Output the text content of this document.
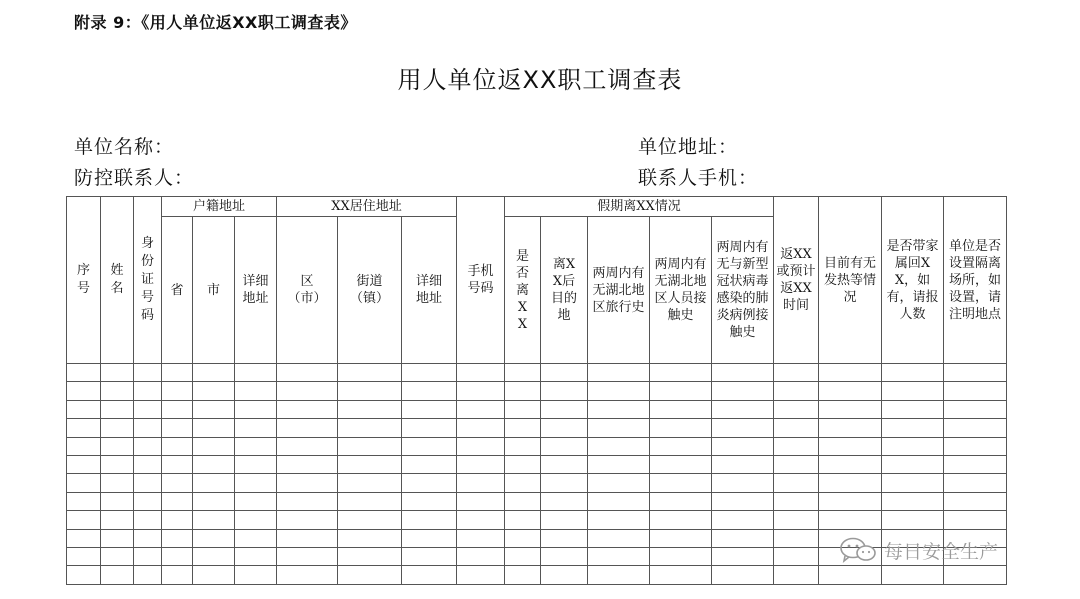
附录 9：《用人单位返XX职工调查表》
用人单位返XX职工调查表
单位名称：
防控联系人：
单位地址：
联系人手机：
序号	姓名	身份证号码	户籍地址			XX居住地址			手机号码	假期离XX情况					返XX或预计返XX时间	目前有无发热等情况	是否带家属回XX，如有，请报人数	单位是否设置隔离场所，如设置，请注明地点

			省	市	详细地址	区（市）	街道（镇）	详细地址		是否离XX	离XX后目的地	两周内有无湖北地区旅行史	两周内有无湖北地区人员接触史	两周内有无与新型冠状病毒感染的肺炎病例接触史				

每日安全生产
